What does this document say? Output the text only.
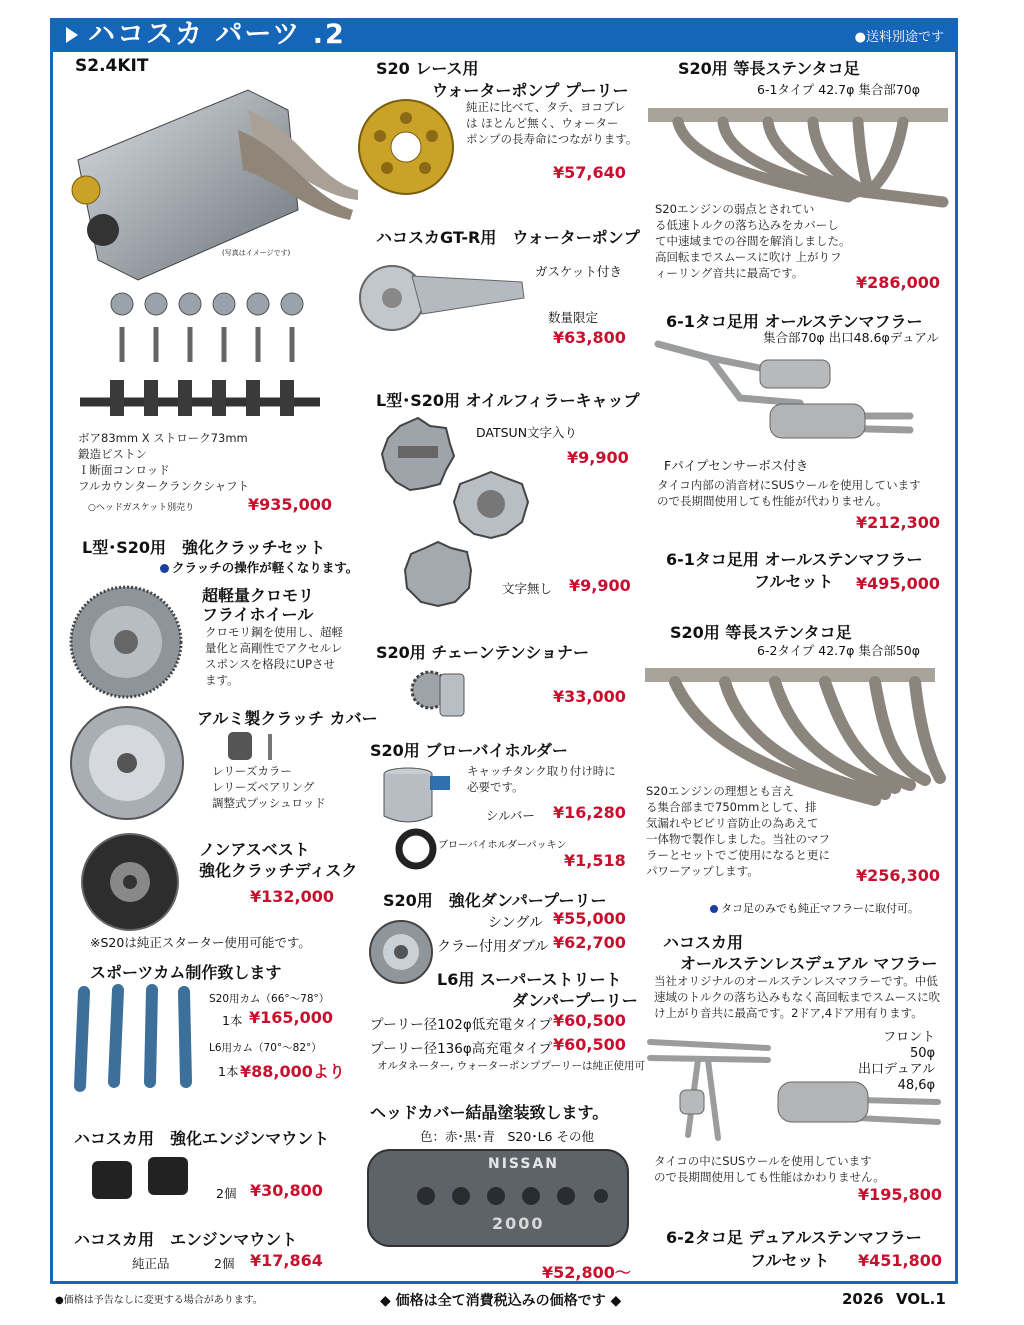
ハコスカ パーツ .2	●送料別途です
S2.4KIT
(写真はイメージです)
ボア83mm X ストローク73mm
鍛造ピストン
Ｉ断面コンロッド
フルカウンタークランクシャフト
○ヘッドガスケット別売り	¥935,000
L型･S20用　強化クラッチセット
クラッチの操作が軽くなります。
超軽量クロモリ
フライホイール
クロモリ鋼を使用し、超軽
量化と高剛性でアクセルレ
スポンスを格段にUPさせ
ます。
アルミ製クラッチ カバー
レリーズカラー
レリーズベアリング
調整式プッシュロッド
ノンアスベスト
強化クラッチディスク
¥132,000
※S20は純正スターター使用可能です。
スポーツカム制作致します
S20用カム（66°〜78°）
1本 ¥165,000
L6用カム（70°〜82°）
1本 ¥88,000より
ハコスカ用　強化エンジンマウント
2個 ¥30,800
ハコスカ用　エンジンマウント
純正品	2個 ¥17,864
S20 レース用
ウォーターポンプ プーリー
純正に比べて、タテ、ヨコブレ
は ほとんど無く、ウォーター
ポンプの長寿命につながります。
¥57,640
ハコスカGT-R用　ウォーターポンプ
ガスケット付き
数量限定
¥63,800
L型･S20用 オイルフィラーキャップ
DATSUN文字入り
¥9,900
文字無し ¥9,900
S20用 チェーンテンショナー
¥33,000
S20用 ブローバイホルダー
キャッチタンク取り付け時に
必要です。
シルバー ¥16,280
ブローバイホルダーパッキン
¥1,518
S20用　強化ダンパープーリー
シングル ¥55,000
クラー付用ダブル ¥62,700
L6用 スーパーストリート
ダンパープーリー
プーリー径102φ低充電タイプ ¥60,500
プーリー径136φ高充電タイプ ¥60,500
オルタネーター, ウォーターポンププーリーは純正使用可
ヘッドカバー結晶塗装致します。
色：赤･黒･青　S20･L6 その他
NISSAN
2000
¥52,800〜
S20用 等長ステンタコ足
6-1タイプ 42.7φ 集合部70φ
S20エンジンの弱点とされてい
る低速トルクの落ち込みをカバーし
て中速域までの谷間を解消しました。
高回転までスムースに吹け 上がりフ
ィーリング音共に最高です。	¥286,000
6-1タコ足用 オールステンマフラー
集合部70φ 出口48.6φデュアル
Fパイプセンサーボス付き
タイコ内部の消音材にSUSウールを使用しています
ので長期間使用しても性能が代わりません。
¥212,300
6-1タコ足用 オールステンマフラー
フルセット ¥495,000
S20用 等長ステンタコ足
6-2タイプ 42.7φ 集合部50φ
S20エンジンの理想とも言え
る集合部まで750mmとして、排
気漏れやビビリ音防止の為あえて
一体物で製作しました。当社のマフ
ラーとセットでご使用になると更に
パワーアップします。	¥256,300
タコ足のみでも純正マフラーに取付可。
ハコスカ用
オールステンレスデュアル マフラー
当社オリジナルのオールステンレスマフラーです。中低
速域のトルクの落ち込みもなく高回転までスムースに吹
け上がり音共に最高です。2ドア,4ドア用有ります。
フロント
50φ
出口デュアル
48,6φ
タイコの中にSUSウールを使用しています
ので長期間使用しても性能はかわりません。
¥195,800
6-2タコ足 デュアルステンマフラー
フルセット ¥451,800
●価格は予告なしに変更する場合があります。	◆ 価格は全て消費税込みの価格です ◆	2026 VOL.1
